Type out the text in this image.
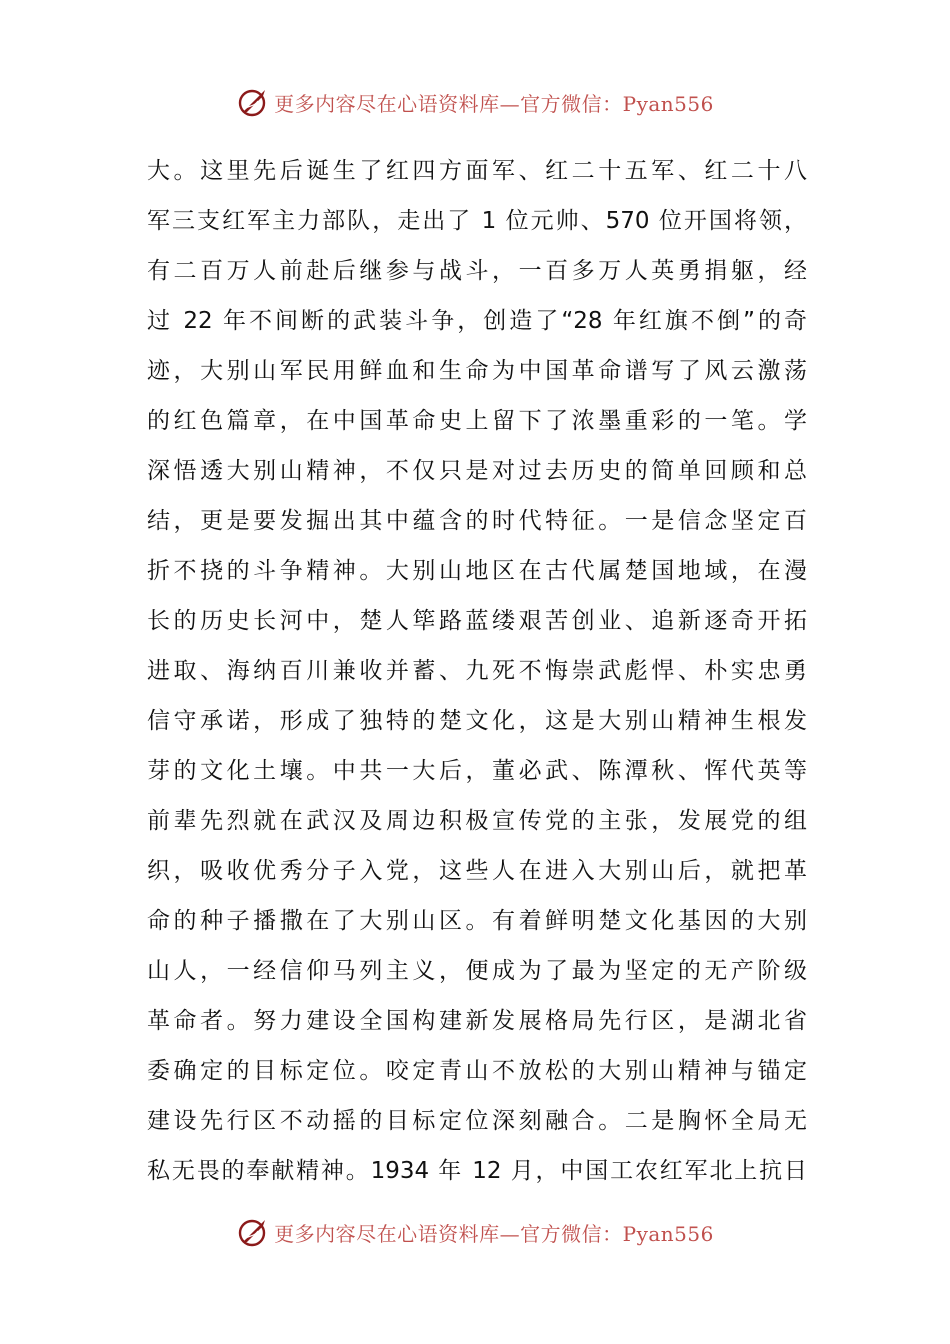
更多内容尽在心语资料库—官方微信：Pyan556
大。这里先后诞生了红四方面军、红二十五军、红二十八
军三支红军主力部队，走出了 1 位元帅、570 位开国将领，
有二百万人前赴后继参与战斗，一百多万人英勇捐躯，经
过 22 年不间断的武装斗争，创造了“28 年红旗不倒”的奇
迹，大别山军民用鲜血和生命为中国革命谱写了风云激荡
的红色篇章，在中国革命史上留下了浓墨重彩的一笔。学
深悟透大别山精神，不仅只是对过去历史的简单回顾和总
结，更是要发掘出其中蕴含的时代特征。一是信念坚定百
折不挠的斗争精神。大别山地区在古代属楚国地域，在漫
长的历史长河中，楚人筚路蓝缕艰苦创业、追新逐奇开拓
进取、海纳百川兼收并蓄、九死不悔崇武彪悍、朴实忠勇
信守承诺，形成了独特的楚文化，这是大别山精神生根发
芽的文化土壤。中共一大后，董必武、陈潭秋、恽代英等
前辈先烈就在武汉及周边积极宣传党的主张，发展党的组
织，吸收优秀分子入党，这些人在进入大别山后，就把革
命的种子播撒在了大别山区。有着鲜明楚文化基因的大别
山人，一经信仰马列主义，便成为了最为坚定的无产阶级
革命者。努力建设全国构建新发展格局先行区，是湖北省
委确定的目标定位。咬定青山不放松的大别山精神与锚定
建设先行区不动摇的目标定位深刻融合。二是胸怀全局无
私无畏的奉献精神。1934 年 12 月，中国工农红军北上抗日
更多内容尽在心语资料库—官方微信：Pyan556
